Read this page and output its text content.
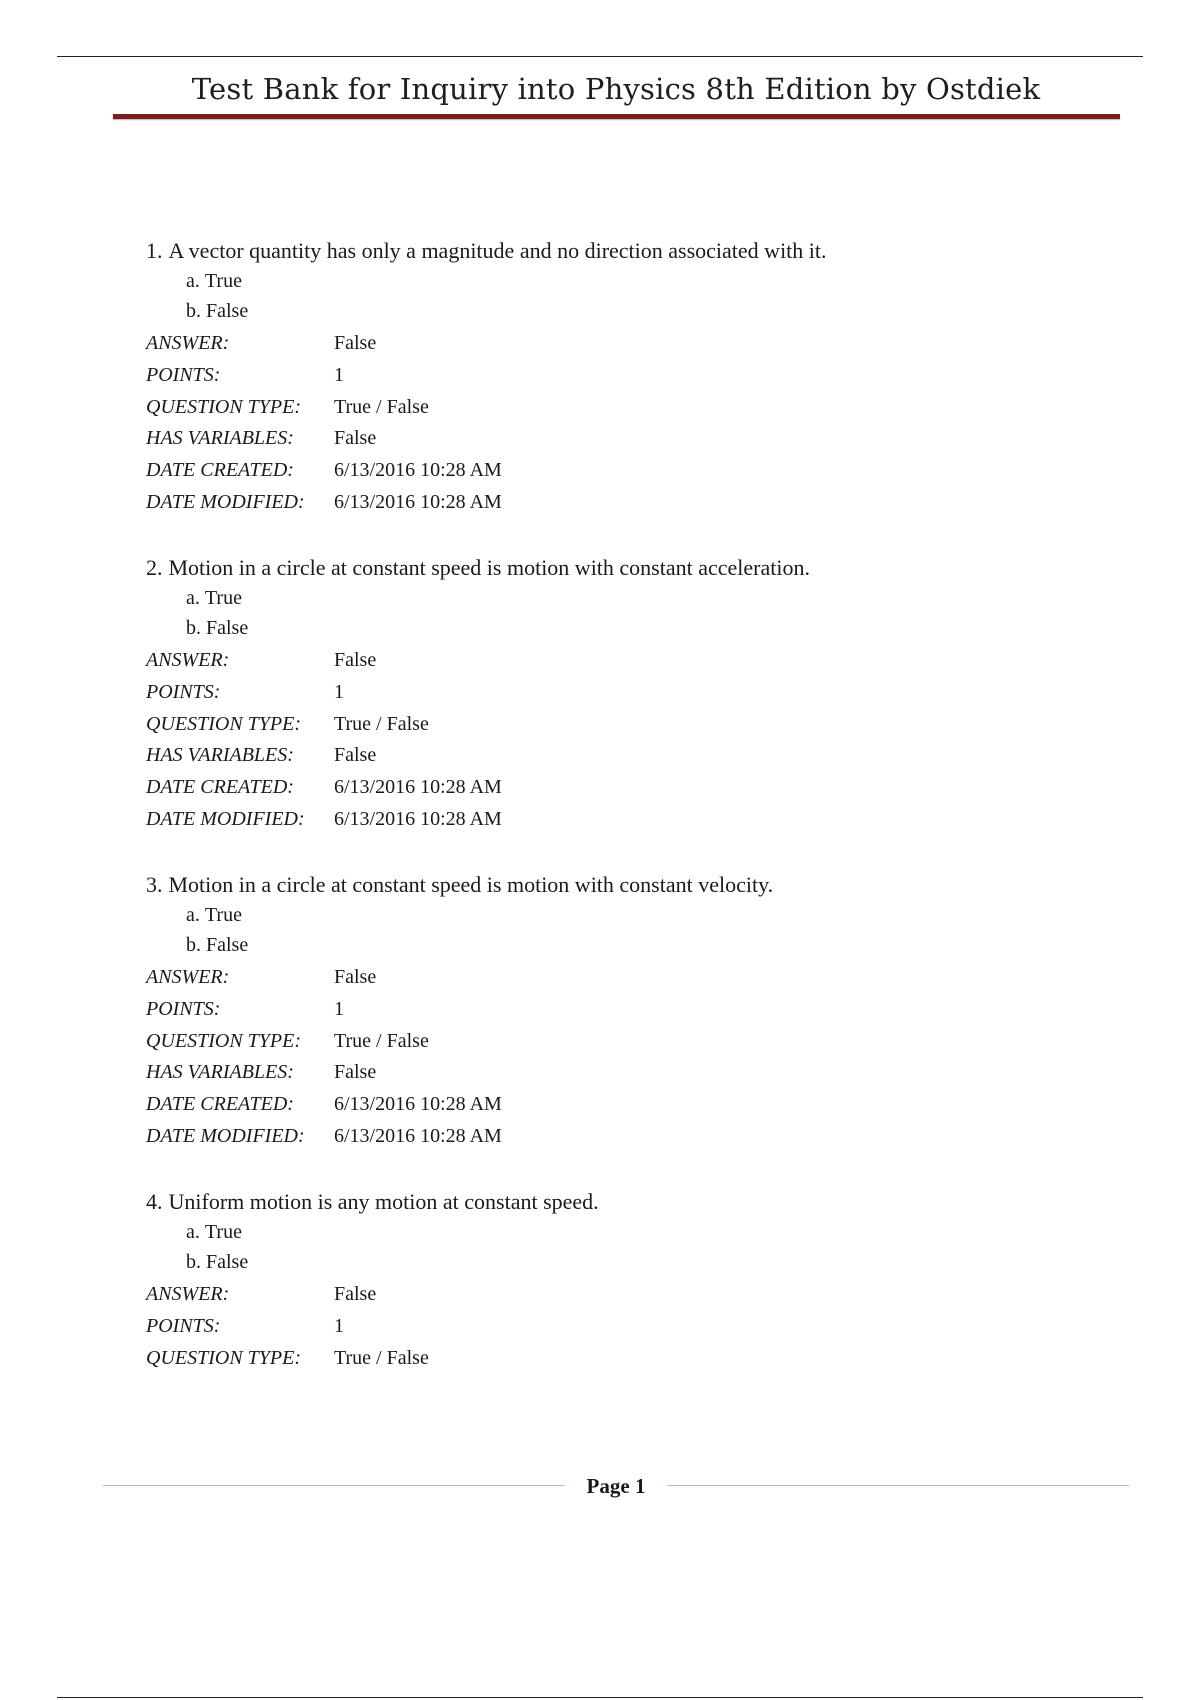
Test Bank for Inquiry into Physics 8th Edition by Ostdiek
1. A vector quantity has only a magnitude and no direction associated with it.
a. True
b. False
ANSWER:	False
POINTS:	1
QUESTION TYPE:	True / False
HAS VARIABLES:	False
DATE CREATED:	6/13/2016 10:28 AM
DATE MODIFIED:	6/13/2016 10:28 AM
2. Motion in a circle at constant speed is motion with constant acceleration.
a. True
b. False
ANSWER:	False
POINTS:	1
QUESTION TYPE:	True / False
HAS VARIABLES:	False
DATE CREATED:	6/13/2016 10:28 AM
DATE MODIFIED:	6/13/2016 10:28 AM
3. Motion in a circle at constant speed is motion with constant velocity.
a. True
b. False
ANSWER:	False
POINTS:	1
QUESTION TYPE:	True / False
HAS VARIABLES:	False
DATE CREATED:	6/13/2016 10:28 AM
DATE MODIFIED:	6/13/2016 10:28 AM
4. Uniform motion is any motion at constant speed.
a. True
b. False
ANSWER:	False
POINTS:	1
QUESTION TYPE:	True / False
Page 1
